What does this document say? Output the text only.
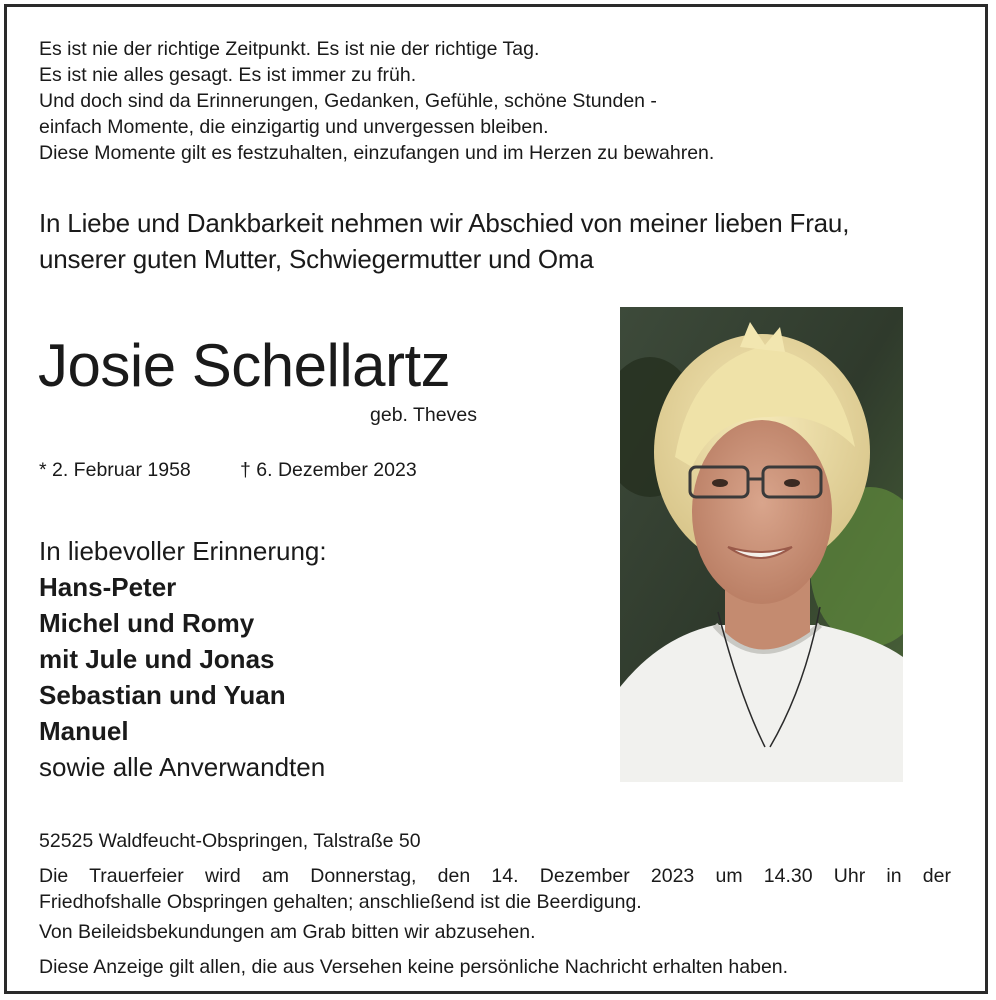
Es ist nie der richtige Zeitpunkt. Es ist nie der richtige Tag.
Es ist nie alles gesagt. Es ist immer zu früh.
Und doch sind da Erinnerungen, Gedanken, Gefühle, schöne Stunden -
einfach Momente, die einzigartig und unvergessen bleiben.
Diese Momente gilt es festzuhalten, einzufangen und im Herzen zu bewahren.
In Liebe und Dankbarkeit nehmen wir Abschied von meiner lieben Frau,
unserer guten Mutter, Schwiegermutter und Oma
Josie Schellartz
geb. Theves
* 2. Februar 1958	† 6. Dezember 2023
In liebevoller Erinnerung:
Hans-Peter
Michel und Romy
mit Jule und Jonas
Sebastian und Yuan
Manuel
sowie alle Anverwandten
52525 Waldfeucht-Obspringen, Talstraße 50
Die Trauerfeier wird am Donnerstag, den 14. Dezember 2023 um 14.30 Uhr in der
Friedhofshalle Obspringen gehalten; anschließend ist die Beerdigung.
Von Beileidsbekundungen am Grab bitten wir abzusehen.
Diese Anzeige gilt allen, die aus Versehen keine persönliche Nachricht erhalten haben.
